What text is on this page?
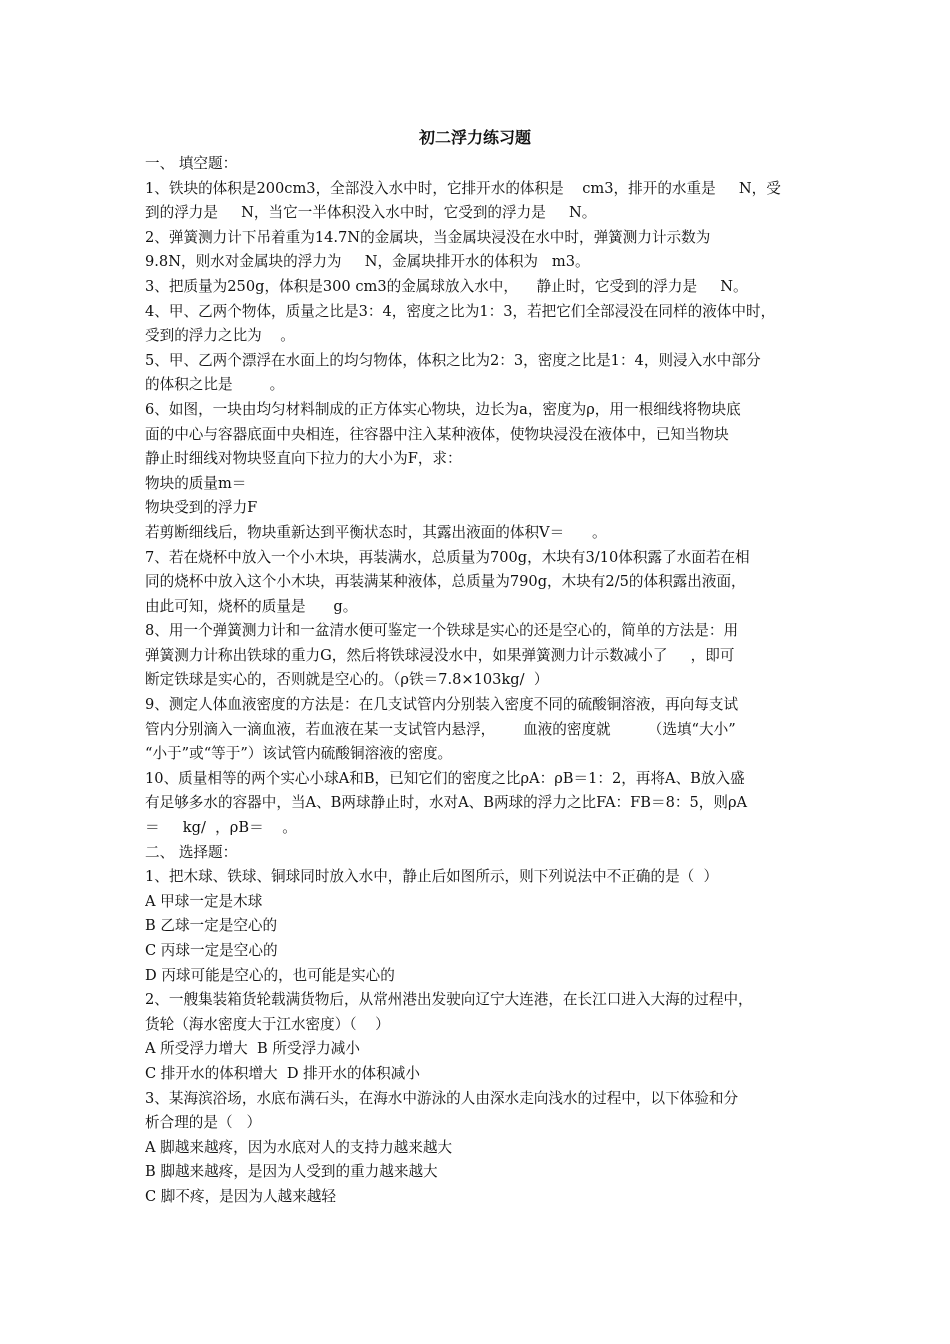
初二浮力练习题
一、 填空题：
1、铁块的体积是200cm3，全部没入水中时，它排开水的体积是    cm3，排开的水重是     N，受
到的浮力是     N，当它一半体积没入水中时，它受到的浮力是     N。
2、弹簧测力计下吊着重为14.7N的金属块，当金属块浸没在水中时，弹簧测力计示数为
9.8N，则水对金属块的浮力为     N，金属块排开水的体积为   m3。
3、把质量为250g，体积是300 cm3的金属球放入水中，    静止时，它受到的浮力是     N。
4、甲、乙两个物体，质量之比是3：4，密度之比为1：3，若把它们全部浸没在同样的液体中时，
受到的浮力之比为    。
5、甲、乙两个漂浮在水面上的均匀物体，体积之比为2：3，密度之比是1：4，则浸入水中部分
的体积之比是        。
6、如图，一块由均匀材料制成的正方体实心物块，边长为a，密度为ρ，用一根细线将物块底
面的中心与容器底面中央相连，往容器中注入某种液体，使物块浸没在液体中，已知当物块
静止时细线对物块竖直向下拉力的大小为F，求：
物块的质量m＝
物块受到的浮力F
若剪断细线后，物块重新达到平衡状态时，其露出液面的体积V＝      。
7、若在烧杯中放入一个小木块，再装满水，总质量为700g，木块有3/10体积露了水面若在相
同的烧杯中放入这个小木块，再装满某种液体，总质量为790g，木块有2/5的体积露出液面，
由此可知，烧杯的质量是      g。
8、用一个弹簧测力计和一盆清水便可鉴定一个铁球是实心的还是空心的，简单的方法是：用
弹簧测力计称出铁球的重力G，然后将铁球浸没水中，如果弹簧测力计示数减小了     ，即可
断定铁球是实心的，否则就是空心的。（ρ铁＝7.8×103kg/  ）
9、测定人体血液密度的方法是：在几支试管内分别装入密度不同的硫酸铜溶液，再向每支试
管内分别滴入一滴血液，若血液在某一支试管内悬浮，      血液的密度就        （选填“大小”
“小于”或“等于”）该试管内硫酸铜溶液的密度。
10、质量相等的两个实心小球A和B，已知它们的密度之比ρA：ρB＝1：2，再将A、B放入盛
有足够多水的容器中，当A、B两球静止时，水对A、B两球的浮力之比FA：FB＝8：5，则ρA
＝     kg/  ，ρB＝    。
二、 选择题：
1、把木球、铁球、铜球同时放入水中，静止后如图所示，则下列说法中不正确的是（  ）
A 甲球一定是木球
B 乙球一定是空心的
C 丙球一定是空心的
D 丙球可能是空心的，也可能是实心的
2、一艘集装箱货轮载满货物后，从常州港出发驶向辽宁大连港，在长江口进入大海的过程中，
货轮（海水密度大于江水密度）（    ）
A 所受浮力增大  B 所受浮力减小
C 排开水的体积增大  D 排开水的体积减小
3、某海滨浴场，水底布满石头，在海水中游泳的人由深水走向浅水的过程中，以下体验和分
析合理的是（   ）
A 脚越来越疼，因为水底对人的支持力越来越大
B 脚越来越疼，是因为人受到的重力越来越大
C 脚不疼，是因为人越来越轻
